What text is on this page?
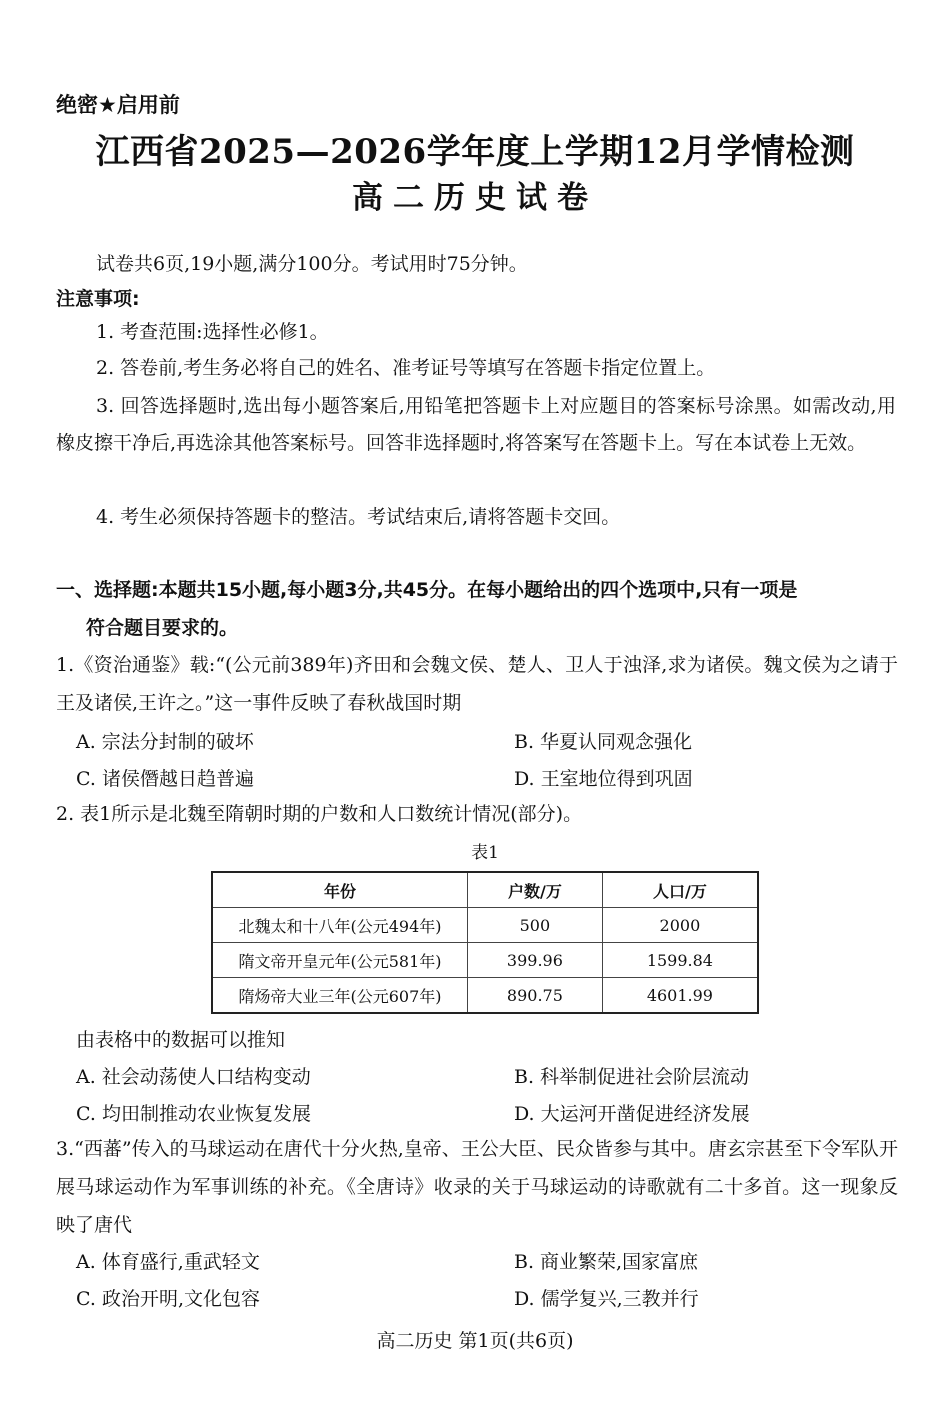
绝密★启用前
江西省2025—2026学年度上学期12月学情检测
高二历史试卷
试卷共6页,19小题,满分100分。考试用时75分钟。
注意事项:
1. 考查范围:选择性必修1。
2. 答卷前,考生务必将自己的姓名、准考证号等填写在答题卡指定位置上。
3. 回答选择题时,选出每小题答案后,用铅笔把答题卡上对应题目的答案标号涂黑。如需改动,用橡皮擦干净后,再选涂其他答案标号。回答非选择题时,将答案写在答题卡上。写在本试卷上无效。
4. 考生必须保持答题卡的整洁。考试结束后,请将答题卡交回。
一、选择题:本题共15小题,每小题3分,共45分。在每小题给出的四个选项中,只有一项是
符合题目要求的。
1.《资治通鉴》载:“(公元前389年)齐田和会魏文侯、楚人、卫人于浊泽,求为诸侯。魏文侯为之请于王及诸侯,王许之。”这一事件反映了春秋战国时期
A. 宗法分封制的破坏	B. 华夏认同观念强化
C. 诸侯僭越日趋普遍	D. 王室地位得到巩固
2. 表1所示是北魏至隋朝时期的户数和人口数统计情况(部分)。
表1
年份	户数/万	人口/万
北魏太和十八年(公元494年)	500	2000
隋文帝开皇元年(公元581年)	399.96	1599.84
隋炀帝大业三年(公元607年)	890.75	4601.99
由表格中的数据可以推知
A. 社会动荡使人口结构变动	B. 科举制促进社会阶层流动
C. 均田制推动农业恢复发展	D. 大运河开凿促进经济发展
3.“西蕃”传入的马球运动在唐代十分火热,皇帝、王公大臣、民众皆参与其中。唐玄宗甚至下令军队开展马球运动作为军事训练的补充。《全唐诗》收录的关于马球运动的诗歌就有二十多首。这一现象反映了唐代
A. 体育盛行,重武轻文	B. 商业繁荣,国家富庶
C. 政治开明,文化包容	D. 儒学复兴,三教并行
高二历史 第1页(共6页)
